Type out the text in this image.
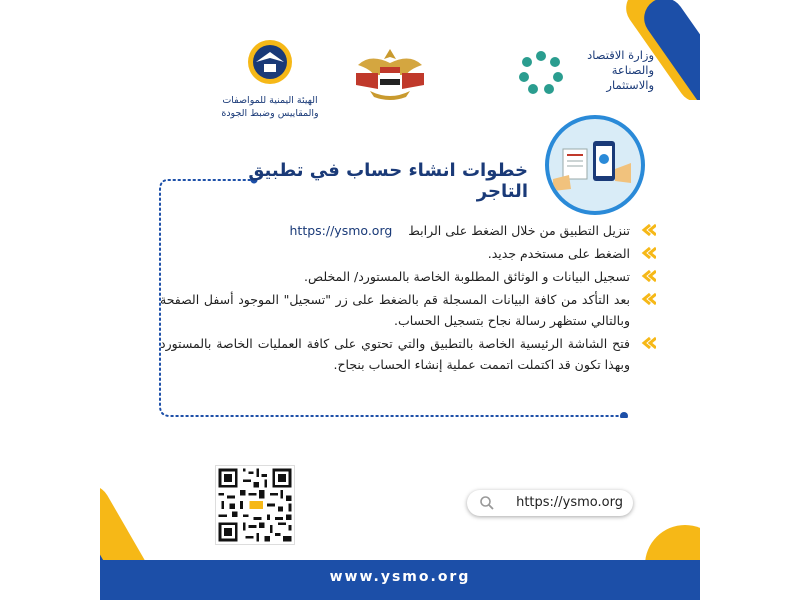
الهيئة اليمنية للمواصفات
والمقاييس وضبط الجودة
وزارة الاقتصاد
والصناعة
والاستثمار
خطوات انشاء حساب في تطبيق التاجر
تنزيل التطبيق من خلال الضغط على الرابط https://ysmo.org
الضغط على مستخدم جديد.
تسجيل البيانات و الوثائق المطلوبة الخاصة بالمستورد/ المخلص.
بعد التأكد من كافة البيانات المسجلة قم بالضغط على زر "تسجيل" الموجود أسفل الصفحة وبالتالي ستظهر رسالة نجاح بتسجيل الحساب.
فتح الشاشة الرئيسية الخاصة بالتطبيق والتي تحتوي على كافة العمليات الخاصة بالمستورد وبهذا تكون قد اكتملت اتممت عملية إنشاء الحساب بنجاح.
https://ysmo.org
www.ysmo.org
